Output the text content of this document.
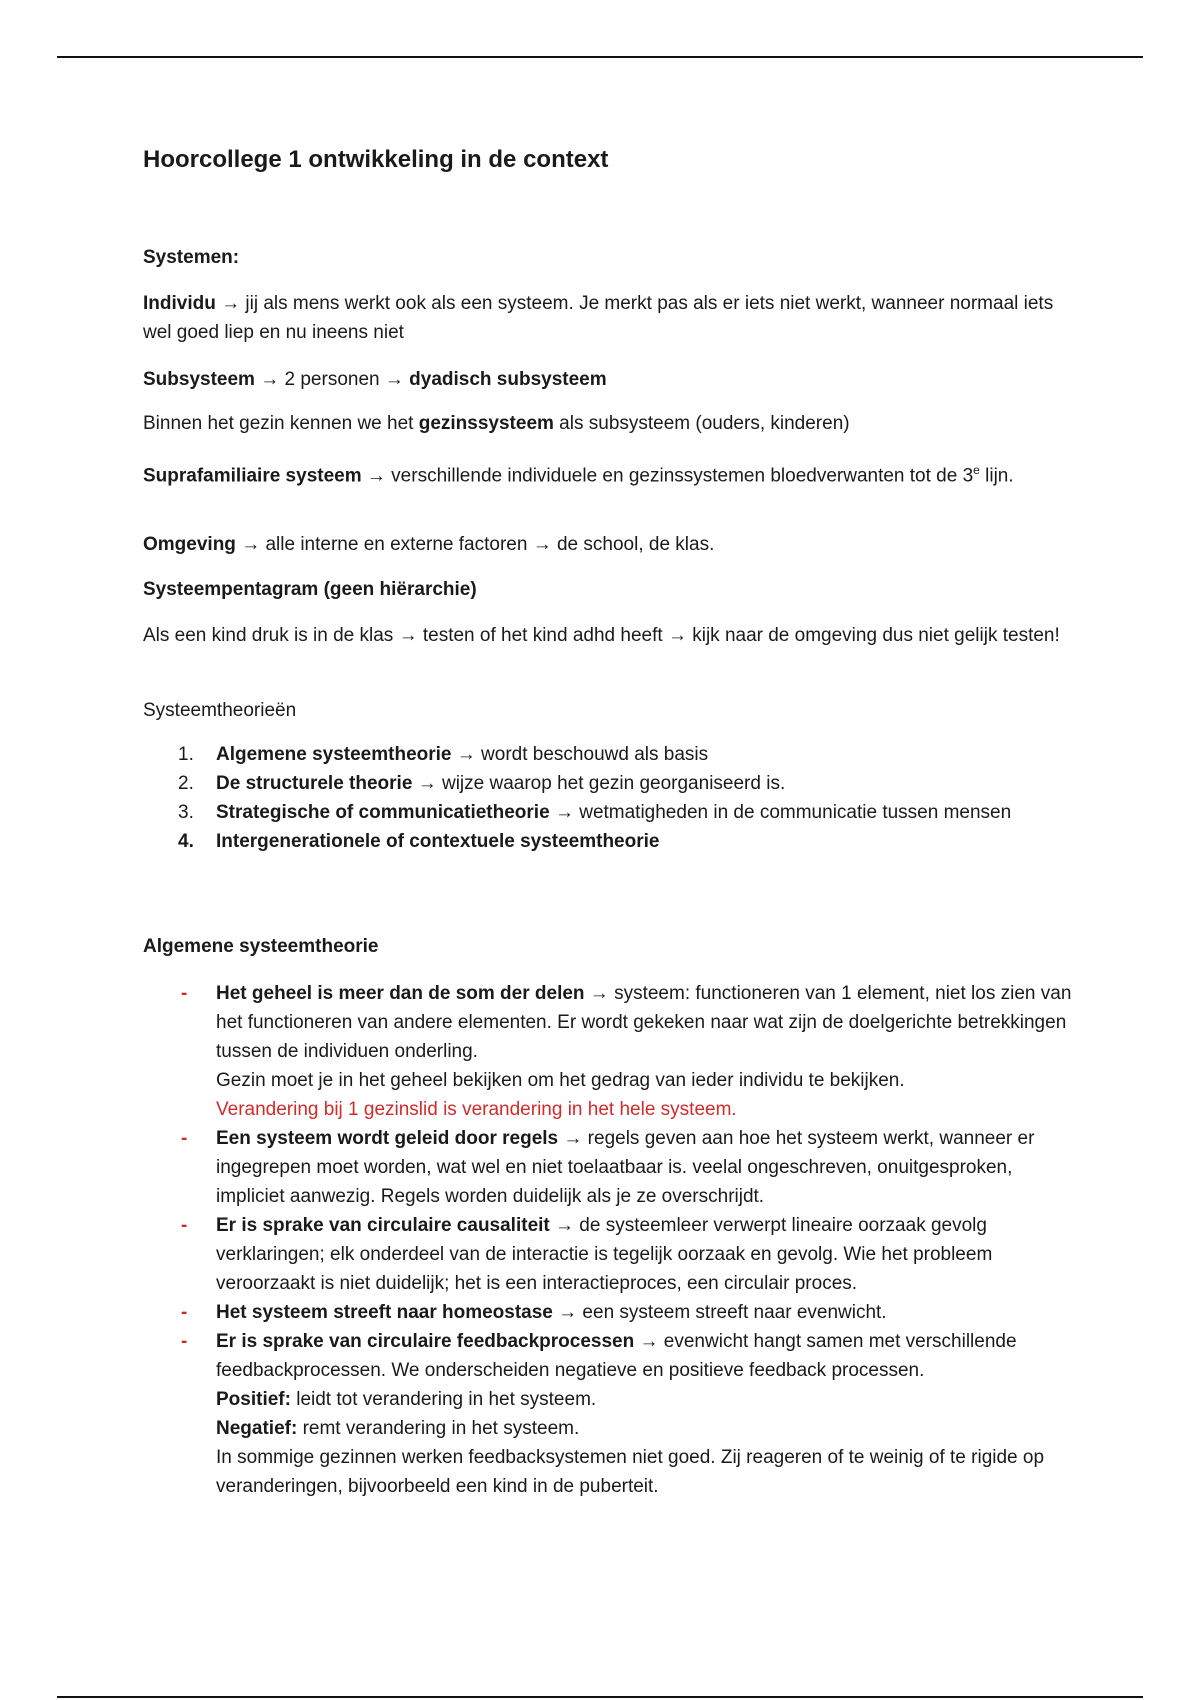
Hoorcollege 1 ontwikkeling in de context

Systemen:

Individu → jij als mens werkt ook als een systeem. Je merkt pas als er iets niet werkt, wanneer normaal iets wel goed liep en nu ineens niet

Subsysteem → 2 personen → dyadisch subsysteem

Binnen het gezin kennen we het gezinssysteem als subsysteem (ouders, kinderen)

Suprafamiliaire systeem → verschillende individuele en gezinssystemen bloedverwanten tot de 3e lijn.

Omgeving → alle interne en externe factoren → de school, de klas.

Systeempentagram (geen hiërarchie)

Als een kind druk is in de klas → testen of het kind adhd heeft → kijk naar de omgeving dus niet gelijk testen!

Systeemtheorieën

1.	Algemene systeemtheorie → wordt beschouwd als basis
2.	De structurele theorie → wijze waarop het gezin georganiseerd is.
3.	Strategische of communicatietheorie → wetmatigheden in de communicatie tussen mensen
4.	Intergenerationele of contextuele systeemtheorie

Algemene systeemtheorie

- Het geheel is meer dan de som der delen → systeem: functioneren van 1 element, niet los zien van het functioneren van andere elementen. Er wordt gekeken naar wat zijn de doelgerichte betrekkingen tussen de individuen onderling.
Gezin moet je in het geheel bekijken om het gedrag van ieder individu te bekijken.
Verandering bij 1 gezinslid is verandering in het hele systeem.
- Een systeem wordt geleid door regels → regels geven aan hoe het systeem werkt, wanneer er ingegrepen moet worden, wat wel en niet toelaatbaar is. veelal ongeschreven, onuitgesproken, impliciet aanwezig. Regels worden duidelijk als je ze overschrijdt.
- Er is sprake van circulaire causaliteit → de systeemleer verwerpt lineaire oorzaak gevolg verklaringen; elk onderdeel van de interactie is tegelijk oorzaak en gevolg. Wie het probleem veroorzaakt is niet duidelijk; het is een interactieproces, een circulair proces.
- Het systeem streeft naar homeostase → een systeem streeft naar evenwicht.
- Er is sprake van circulaire feedbackprocessen → evenwicht hangt samen met verschillende feedbackprocessen. We onderscheiden negatieve en positieve feedback processen.
Positief: leidt tot verandering in het systeem.
Negatief: remt verandering in het systeem.
In sommige gezinnen werken feedbacksystemen niet goed. Zij reageren of te weinig of te rigide op veranderingen, bijvoorbeeld een kind in de puberteit.
